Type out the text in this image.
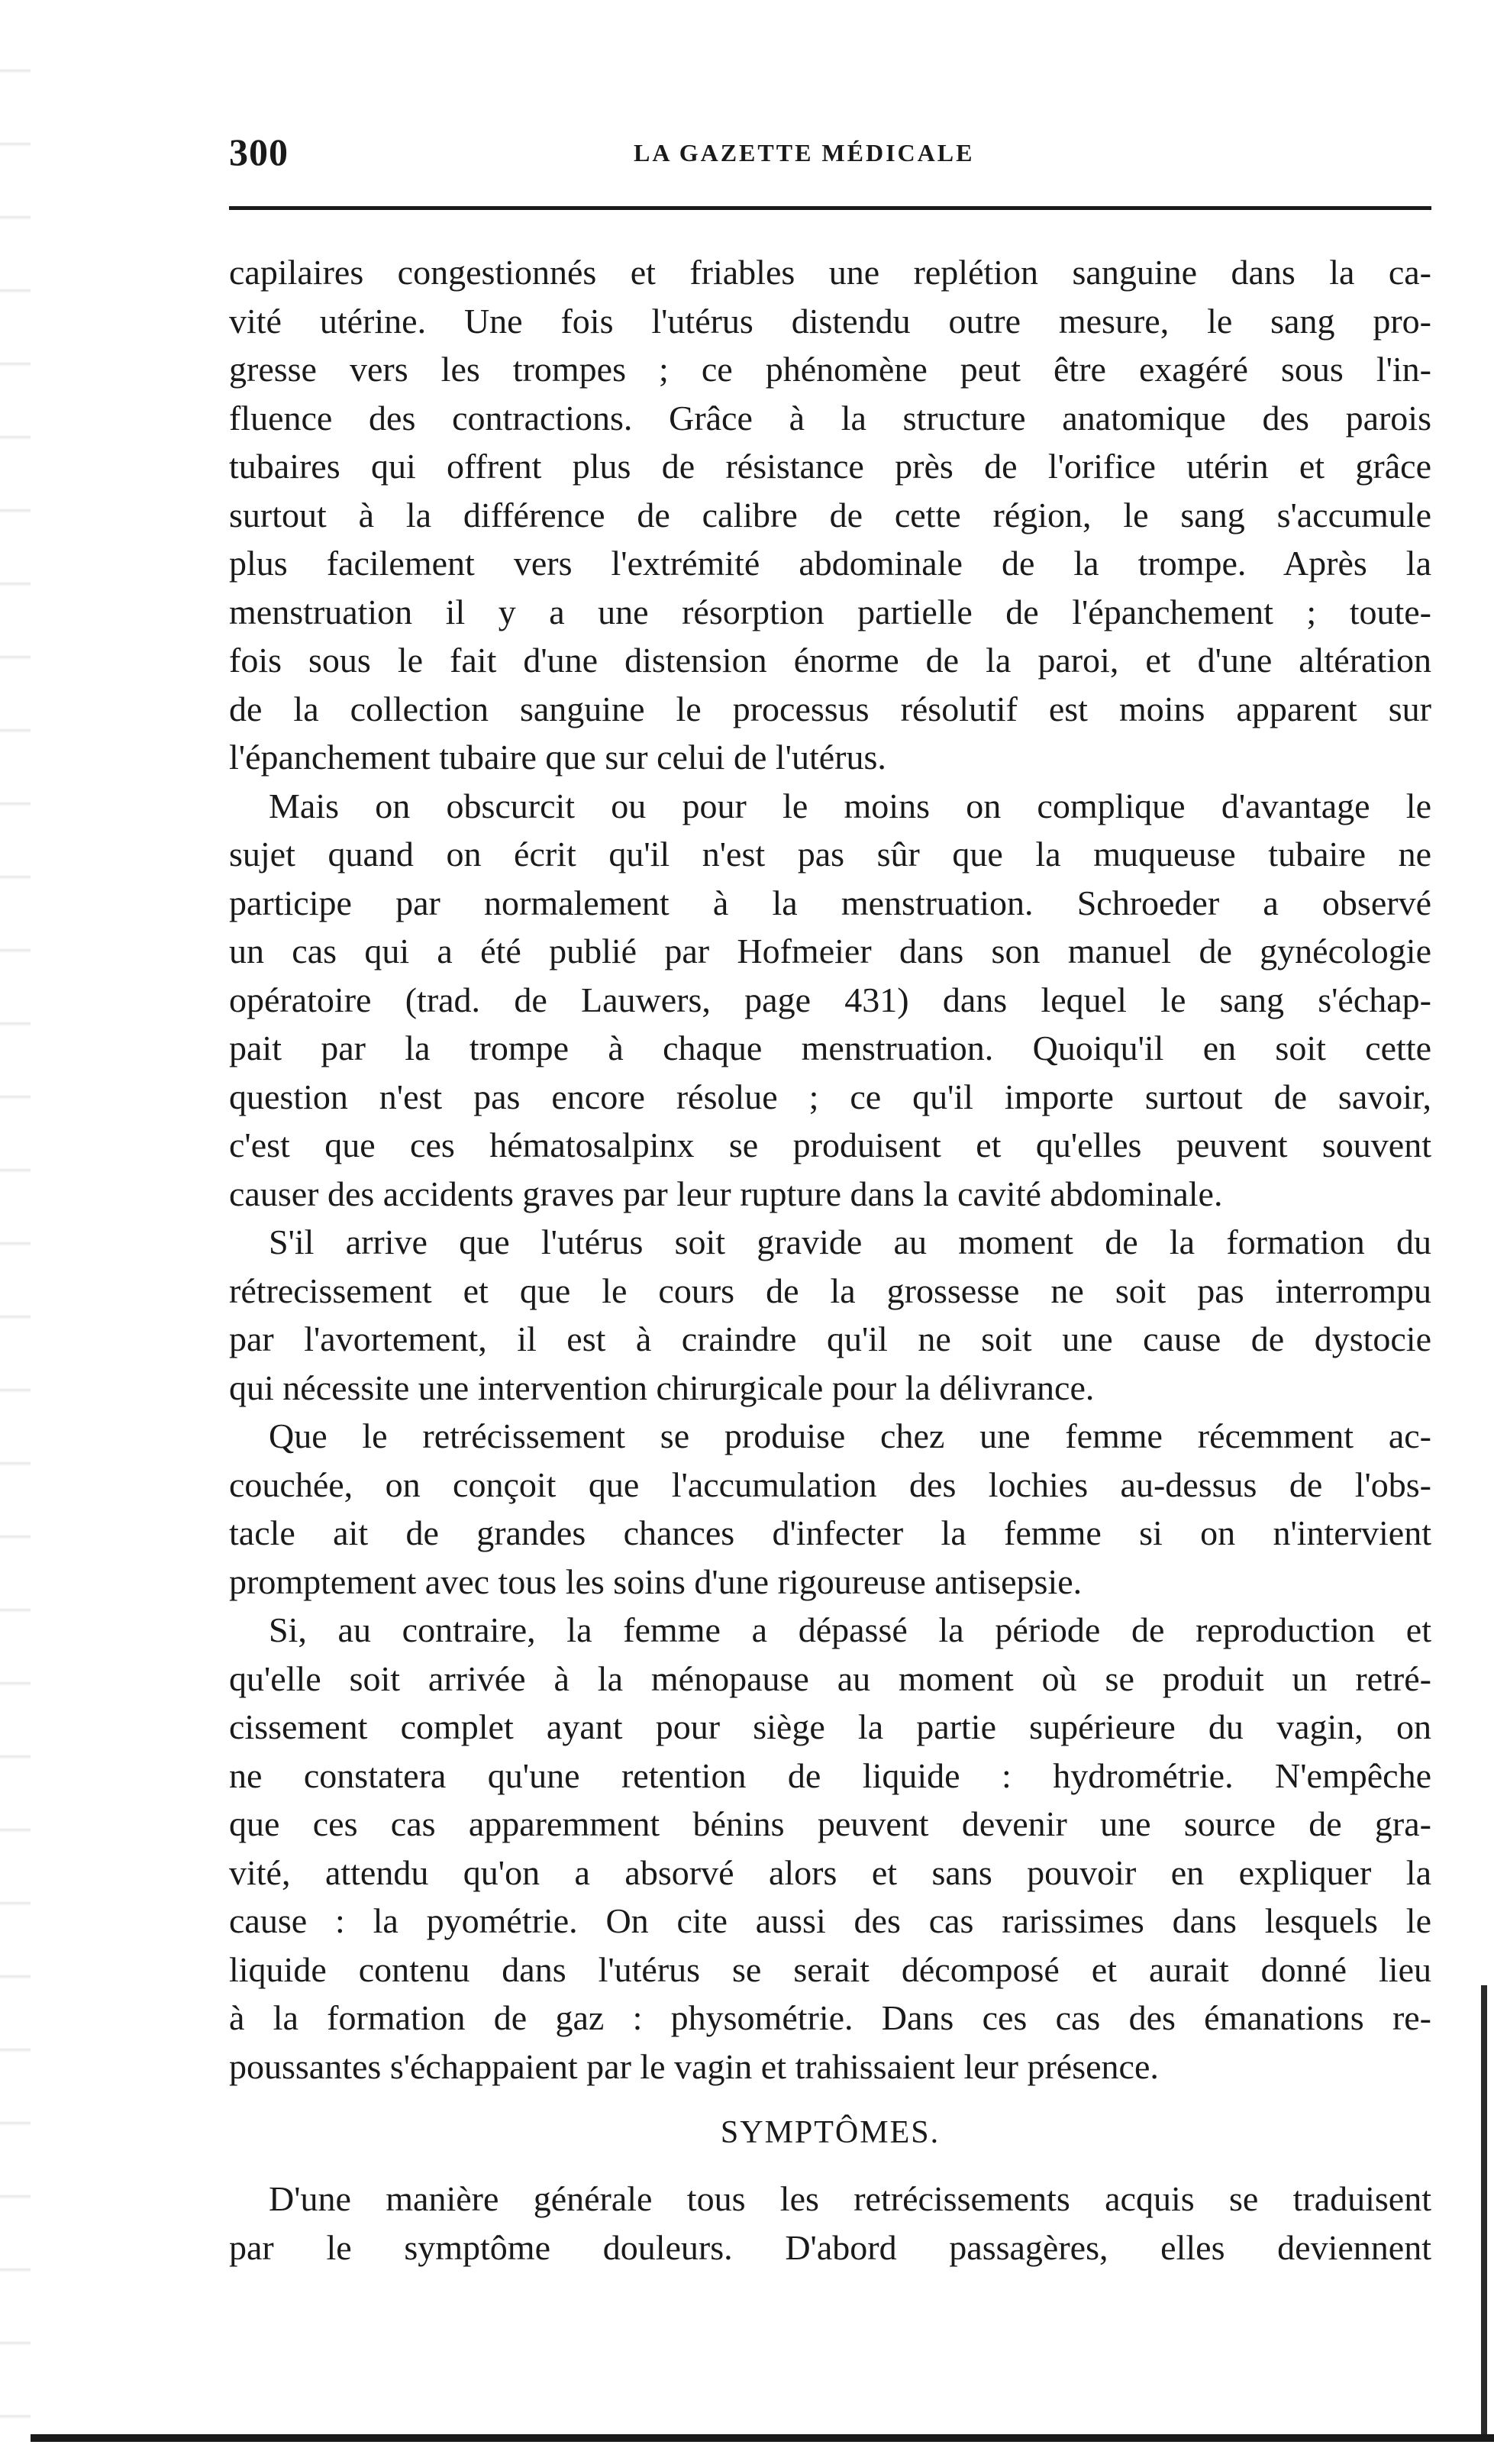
300	LA GAZETTE MÉDICALE
capilaires congestionnés et friables une replétion sanguine dans la ca-
vité utérine. Une fois l'utérus distendu outre mesure, le sang pro-
gresse vers les trompes ; ce phénomène peut être exagéré sous l'in-
fluence des contractions. Grâce à la structure anatomique des parois
tubaires qui offrent plus de résistance près de l'orifice utérin et grâce
surtout à la différence de calibre de cette région, le sang s'accumule
plus facilement vers l'extrémité abdominale de la trompe. Après la
menstruation il y a une résorption partielle de l'épanchement ; toute-
fois sous le fait d'une distension énorme de la paroi, et d'une altération
de la collection sanguine le processus résolutif est moins apparent sur
l'épanchement tubaire que sur celui de l'utérus.
Mais on obscurcit ou pour le moins on complique d'avantage le
sujet quand on écrit qu'il n'est pas sûr que la muqueuse tubaire ne
participe par normalement à la menstruation. Schroeder a observé
un cas qui a été publié par Hofmeier dans son manuel de gynécologie
opératoire (trad. de Lauwers, page 431) dans lequel le sang s'échap-
pait par la trompe à chaque menstruation. Quoiqu'il en soit cette
question n'est pas encore résolue ; ce qu'il importe surtout de savoir,
c'est que ces hématosalpinx se produisent et qu'elles peuvent souvent
causer des accidents graves par leur rupture dans la cavité abdominale.
S'il arrive que l'utérus soit gravide au moment de la formation du
rétrecissement et que le cours de la grossesse ne soit pas interrompu
par l'avortement, il est à craindre qu'il ne soit une cause de dystocie
qui nécessite une intervention chirurgicale pour la délivrance.
Que le retrécissement se produise chez une femme récemment ac-
couchée, on conçoit que l'accumulation des lochies au-dessus de l'obs-
tacle ait de grandes chances d'infecter la femme si on n'intervient
promptement avec tous les soins d'une rigoureuse antisepsie.
Si, au contraire, la femme a dépassé la période de reproduction et
qu'elle soit arrivée à la ménopause au moment où se produit un retré-
cissement complet ayant pour siège la partie supérieure du vagin, on
ne constatera qu'une retention de liquide : hydrométrie. N'empêche
que ces cas apparemment bénins peuvent devenir une source de gra-
vité, attendu qu'on a absorvé alors et sans pouvoir en expliquer la
cause : la pyométrie. On cite aussi des cas rarissimes dans lesquels le
liquide contenu dans l'utérus se serait décomposé et aurait donné lieu
à la formation de gaz : physométrie. Dans ces cas des émanations re-
poussantes s'échappaient par le vagin et trahissaient leur présence.
SYMPTÔMES.
D'une manière générale tous les retrécissements acquis se traduisent
par le symptôme douleurs. D'abord passagères, elles deviennent
